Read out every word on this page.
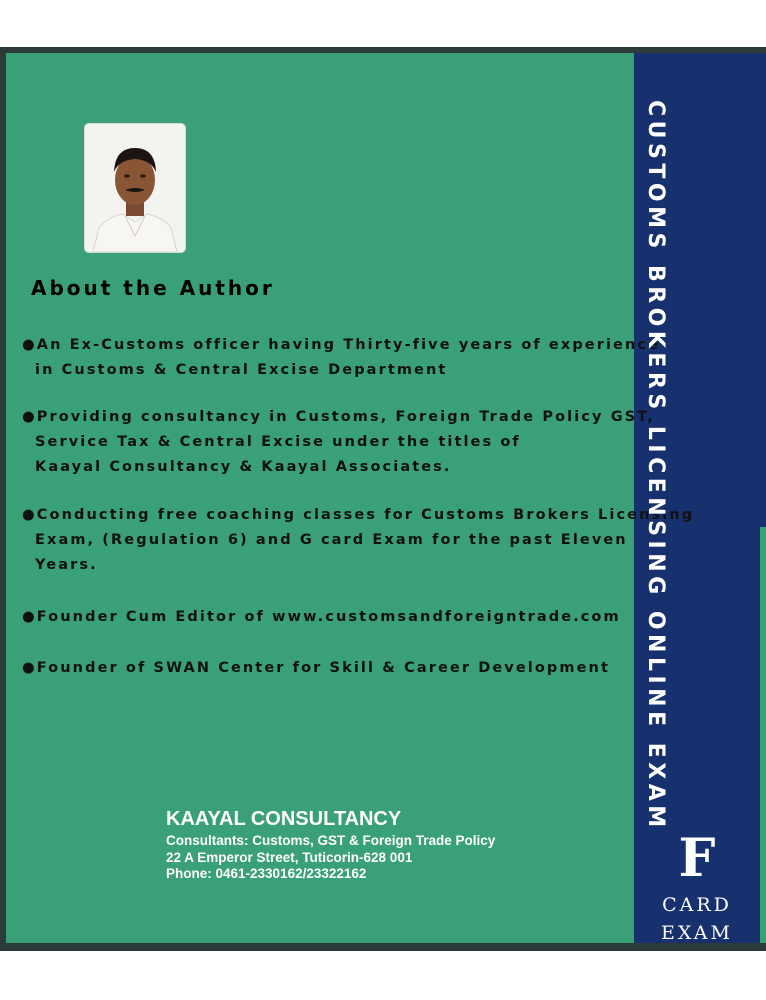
About the Author
●An Ex-Customs officer having Thirty-five years of experience
in Customs & Central Excise Department
●Providing consultancy in Customs, Foreign Trade Policy GST,
Service Tax & Central Excise under the titles of
Kaayal Consultancy & Kaayal Associates.
●Conducting free coaching classes for Customs Brokers Licensing
Exam, (Regulation 6) and G card Exam for the past Eleven
Years.
●Founder Cum Editor of www.customsandforeigntrade.com
●Founder of SWAN Center for Skill & Career Development
KAAYAL CONSULTANCY
Consultants: Customs, GST & Foreign Trade Policy
22 A Emperor Street, Tuticorin-628 001
Phone: 0461-2330162/23322162
CUSTOMS BROKERS LICENSING ONLINE EXAM
F
CARD
EXAM
